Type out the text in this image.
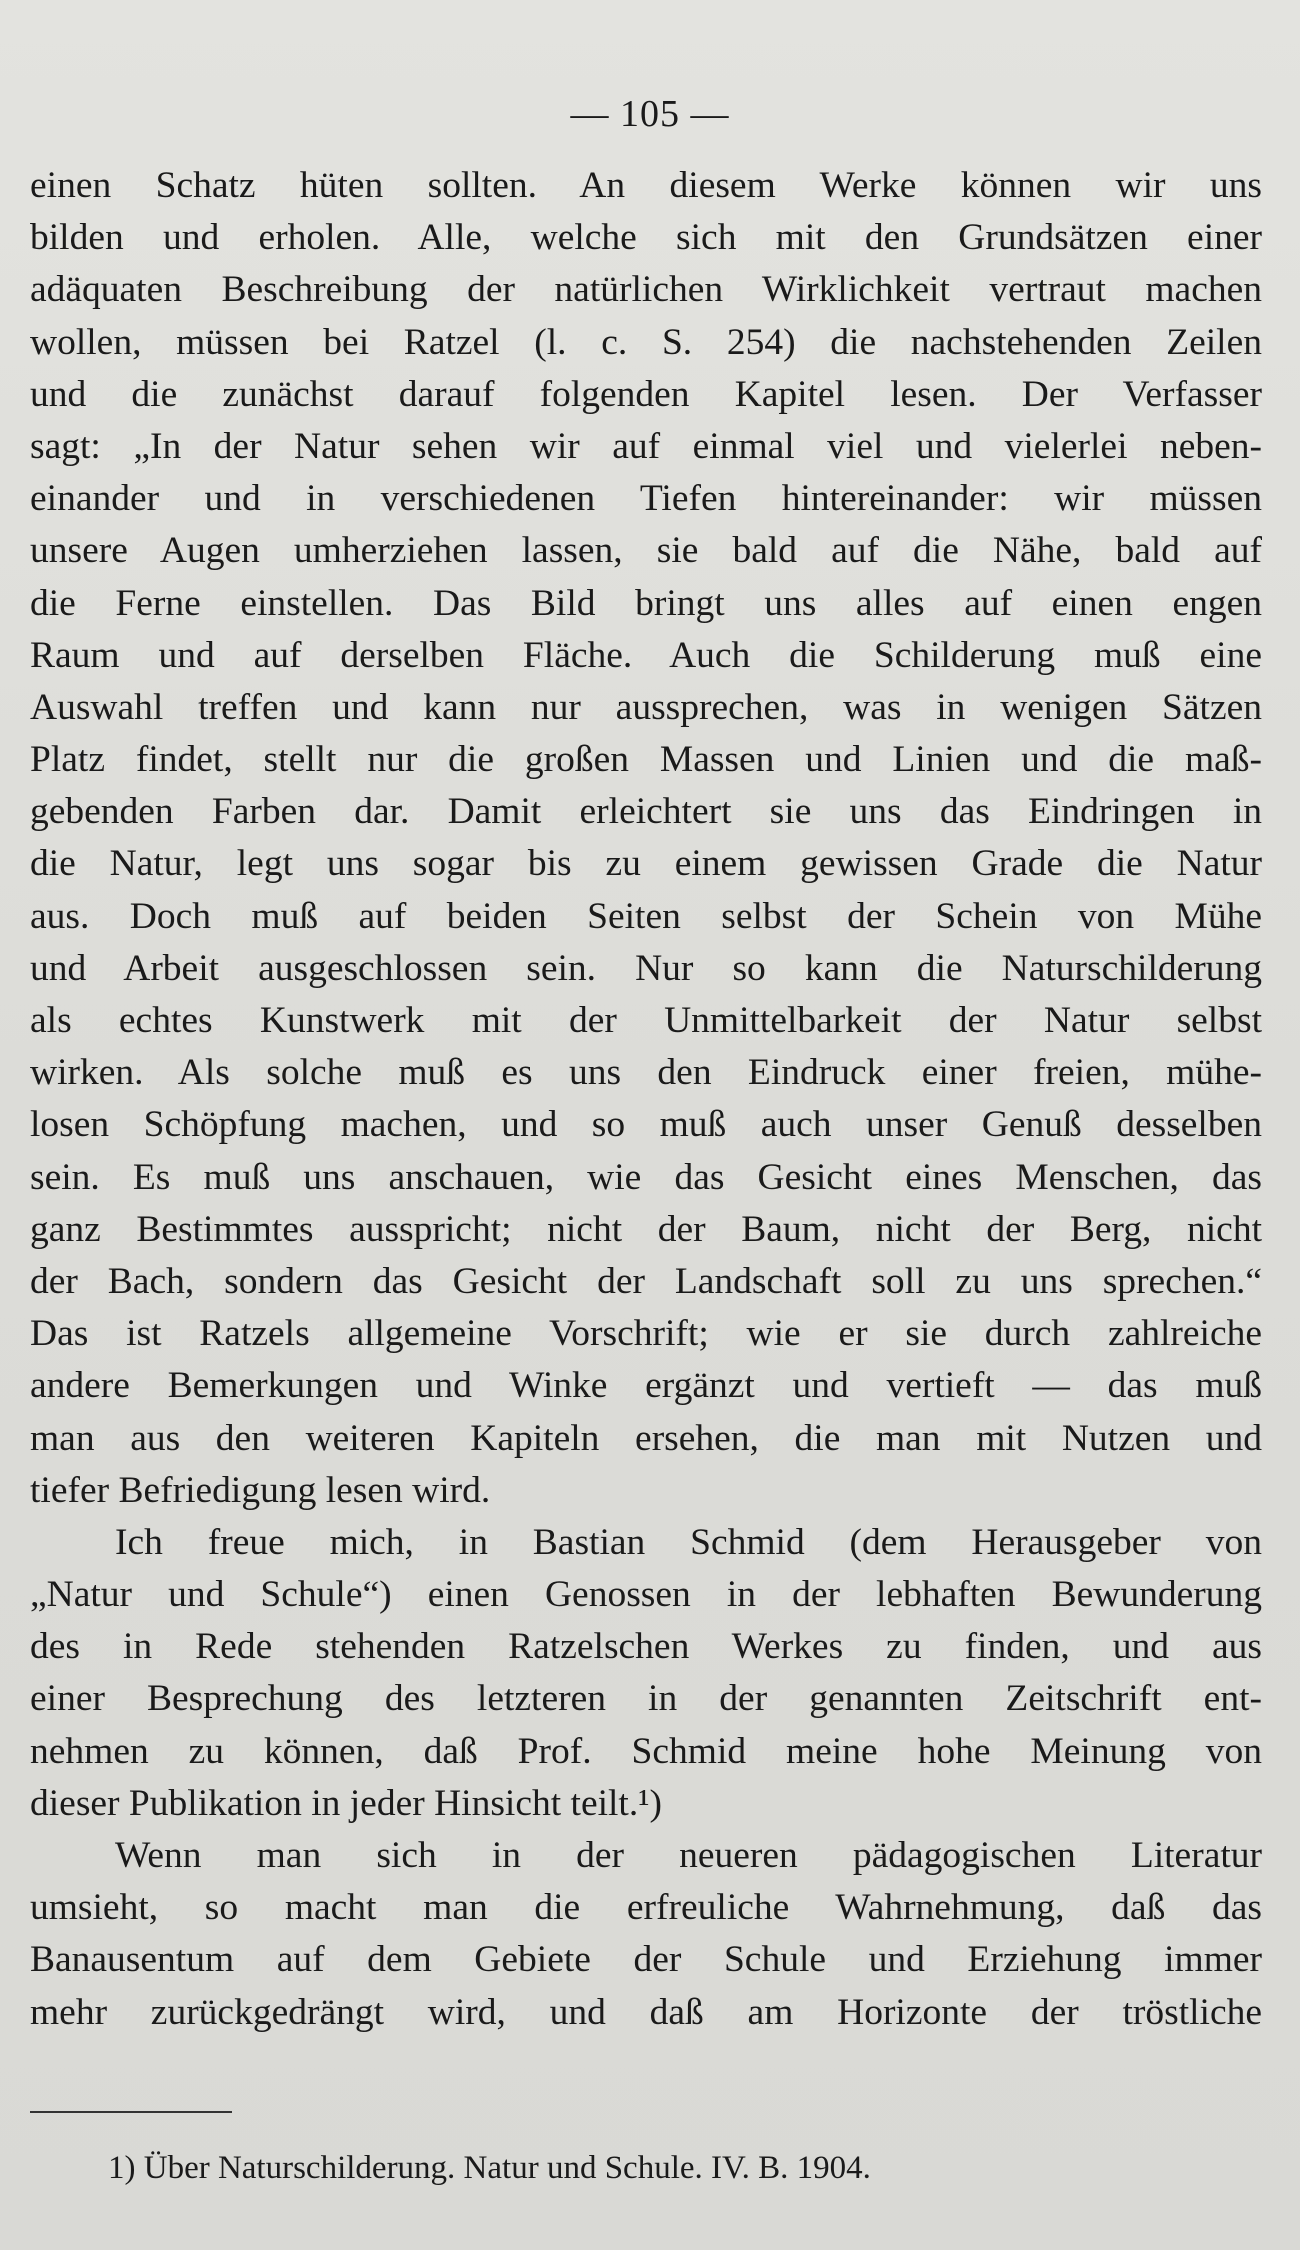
— 105 —
einen Schatz hüten sollten. An diesem Werke können wir uns
bilden und erholen. Alle, welche sich mit den Grundsätzen einer
adäquaten Beschreibung der natürlichen Wirklichkeit vertraut machen
wollen, müssen bei Ratzel (l. c. S. 254) die nachstehenden Zeilen
und die zunächst darauf folgenden Kapitel lesen. Der Verfasser
sagt: „In der Natur sehen wir auf einmal viel und vielerlei neben-
einander und in verschiedenen Tiefen hintereinander: wir müssen
unsere Augen umherziehen lassen, sie bald auf die Nähe, bald auf
die Ferne einstellen. Das Bild bringt uns alles auf einen engen
Raum und auf derselben Fläche. Auch die Schilderung muß eine
Auswahl treffen und kann nur aussprechen, was in wenigen Sätzen
Platz findet, stellt nur die großen Massen und Linien und die maß-
gebenden Farben dar. Damit erleichtert sie uns das Eindringen in
die Natur, legt uns sogar bis zu einem gewissen Grade die Natur
aus. Doch muß auf beiden Seiten selbst der Schein von Mühe
und Arbeit ausgeschlossen sein. Nur so kann die Naturschilderung
als echtes Kunstwerk mit der Unmittelbarkeit der Natur selbst
wirken. Als solche muß es uns den Eindruck einer freien, mühe-
losen Schöpfung machen, und so muß auch unser Genuß desselben
sein. Es muß uns anschauen, wie das Gesicht eines Menschen, das
ganz Bestimmtes ausspricht; nicht der Baum, nicht der Berg, nicht
der Bach, sondern das Gesicht der Landschaft soll zu uns sprechen.“
Das ist Ratzels allgemeine Vorschrift; wie er sie durch zahlreiche
andere Bemerkungen und Winke ergänzt und vertieft — das muß
man aus den weiteren Kapiteln ersehen, die man mit Nutzen und
tiefer Befriedigung lesen wird.
Ich freue mich, in Bastian Schmid (dem Herausgeber von
„Natur und Schule“) einen Genossen in der lebhaften Bewunderung
des in Rede stehenden Ratzelschen Werkes zu finden, und aus
einer Besprechung des letzteren in der genannten Zeitschrift ent-
nehmen zu können, daß Prof. Schmid meine hohe Meinung von
dieser Publikation in jeder Hinsicht teilt.¹)
Wenn man sich in der neueren pädagogischen Literatur
umsieht, so macht man die erfreuliche Wahrnehmung, daß das
Banausentum auf dem Gebiete der Schule und Erziehung immer
mehr zurückgedrängt wird, und daß am Horizonte der tröstliche
1) Über Naturschilderung. Natur und Schule. IV. B. 1904.
